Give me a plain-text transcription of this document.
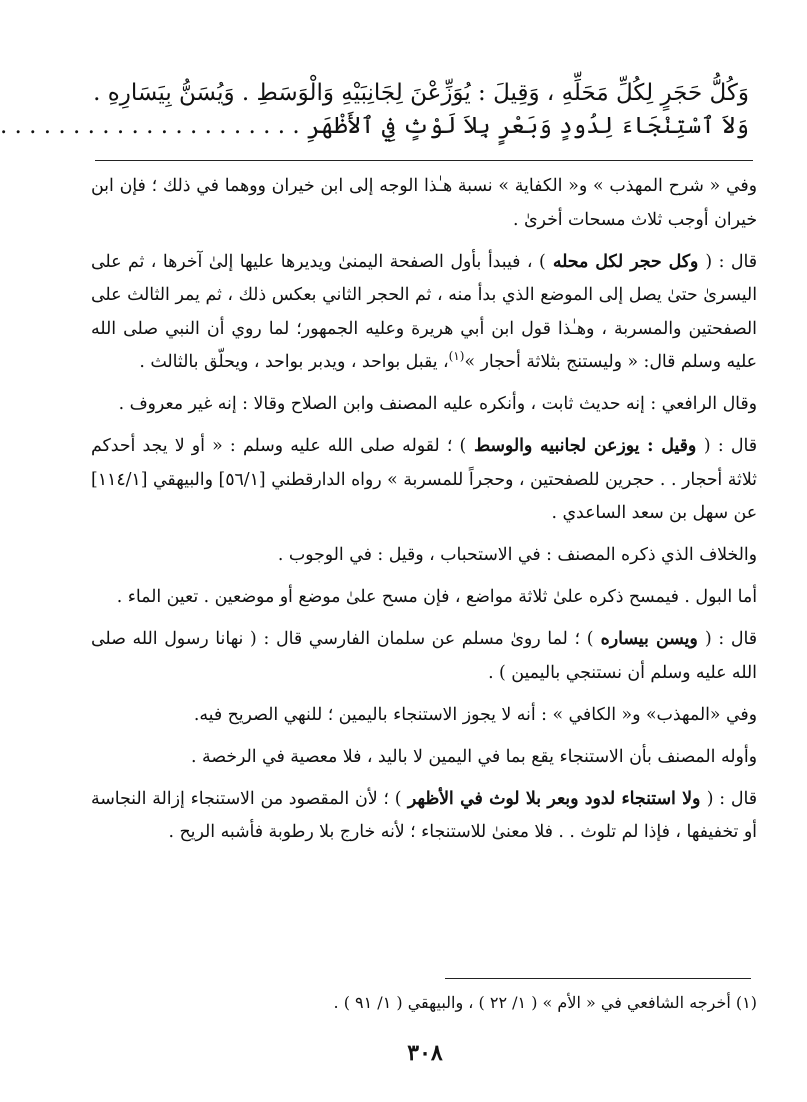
وَكُلُّ حَجَرٍ لِكُلِّ مَحَلِّهِ ، وَقِيلَ : يُوَزِّعْنَ لِجَانِبَيْهِ وَالْوَسَطِ . وَيُسَنُّ بِيَسَارِهِ .
وَلاَ ٱسْتِنْجَاءَ لِدُودٍ وَبَعْرٍ بِلاَ لَوْثٍ فِي ٱلأَظْهَرِ . . . . . . . . . . . . . . . . . . . . .

وفي « شرح المهذب » و« الكفاية » نسبة هـٰذا الوجه إلى ابن خيران ووهما في ذلك ؛ فإن ابن خيران أوجب ثلاث مسحات أخرىٰ .

قال : ( وكل حجر لكل محله ) ، فيبدأ بأول الصفحة اليمنىٰ ويديرها عليها إلىٰ آخرها ، ثم على اليسرىٰ حتىٰ يصل إلى الموضع الذي بدأ منه ، ثم الحجر الثاني بعكس ذلك ، ثم يمر الثالث على الصفحتين والمسربة ، وهـٰذا قول ابن أبي هريرة وعليه الجمهور؛ لما روي أن النبي صلى الله عليه وسلم قال: « وليستنج بثلاثة أحجار »$^{(١)}$، يقبل بواحد ، ويدبر بواحد ، ويحلّق بالثالث .

وقال الرافعي : إنه حديث ثابت ، وأنكره عليه المصنف وابن الصلاح وقالا : إنه غير معروف .

قال : ( وقيل : يوزعن لجانبيه والوسط ) ؛ لقوله صلى الله عليه وسلم : « أو لا يجد أحدكم ثلاثة أحجار . . حجرين للصفحتين ، وحجراً للمسربة » رواه الدارقطني [٥٦/١] والبيهقي [١١٤/١] عن سهل بن سعد الساعدي .

والخلاف الذي ذكره المصنف : في الاستحباب ، وقيل : في الوجوب .

أما البول . فيمسح ذكره علىٰ ثلاثة مواضع ، فإن مسح علىٰ موضع أو موضعين . تعين الماء .

قال : ( ويسن بيساره ) ؛ لما روىٰ مسلم عن سلمان الفارسي قال : ( نهانا رسول الله صلى الله عليه وسلم أن نستنجي باليمين ) .

وفي «المهذب» و« الكافي » : أنه لا يجوز الاستنجاء باليمين ؛ للنهي الصريح فيه.

وأوله المصنف بأن الاستنجاء يقع بما في اليمين لا باليد ، فلا معصية في الرخصة .

قال : ( ولا استنجاء لدود وبعر بلا لوث في الأظهر ) ؛ لأن المقصود من الاستنجاء إزالة النجاسة أو تخفيفها ، فإذا لم تلوث . . فلا معنىٰ للاستنجاء ؛ لأنه خارج بلا رطوبة فأشبه الريح .

(١) أخرجه الشافعي في « الأم » ( ١/ ٢٢ ) ، والبيهقي ( ١/ ٩١ ) .
٣٠٨
